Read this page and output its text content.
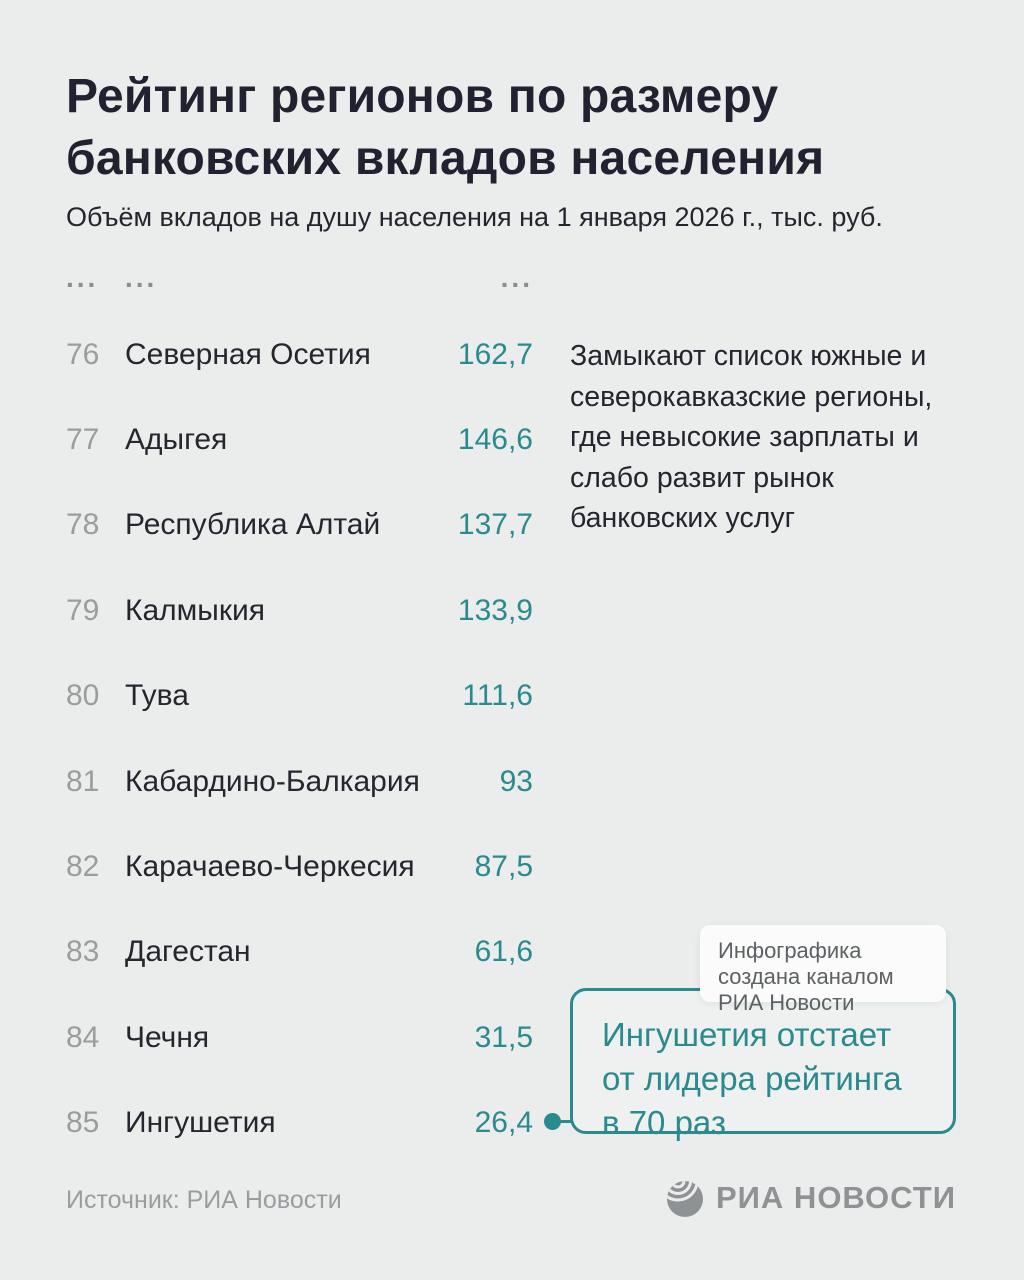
Рейтинг регионов по размеру банковских вкладов населения

Объём вкладов на душу населения на 1 января 2026 г., тыс. руб.

... ...	...
76 Северная Осетия	162,7
77 Адыгея	146,6
78 Республика Алтай	137,7
79 Калмыкия	133,9
80 Тува	111,6
81 Кабардино-Балкария	93
82 Карачаево-Черкесия	87,5
83 Дагестан	61,6
84 Чечня	31,5
85 Ингушетия	26,4

Замыкают список южные и северокавказские регионы, где невысокие зарплаты и слабо развит рынок банковских услуг

Ингушетия отстает от лидера рейтинга в 70 раз

Инфографика создана каналом РИА Новости

Источник: РИА Новости	РИА НОВОСТИ
